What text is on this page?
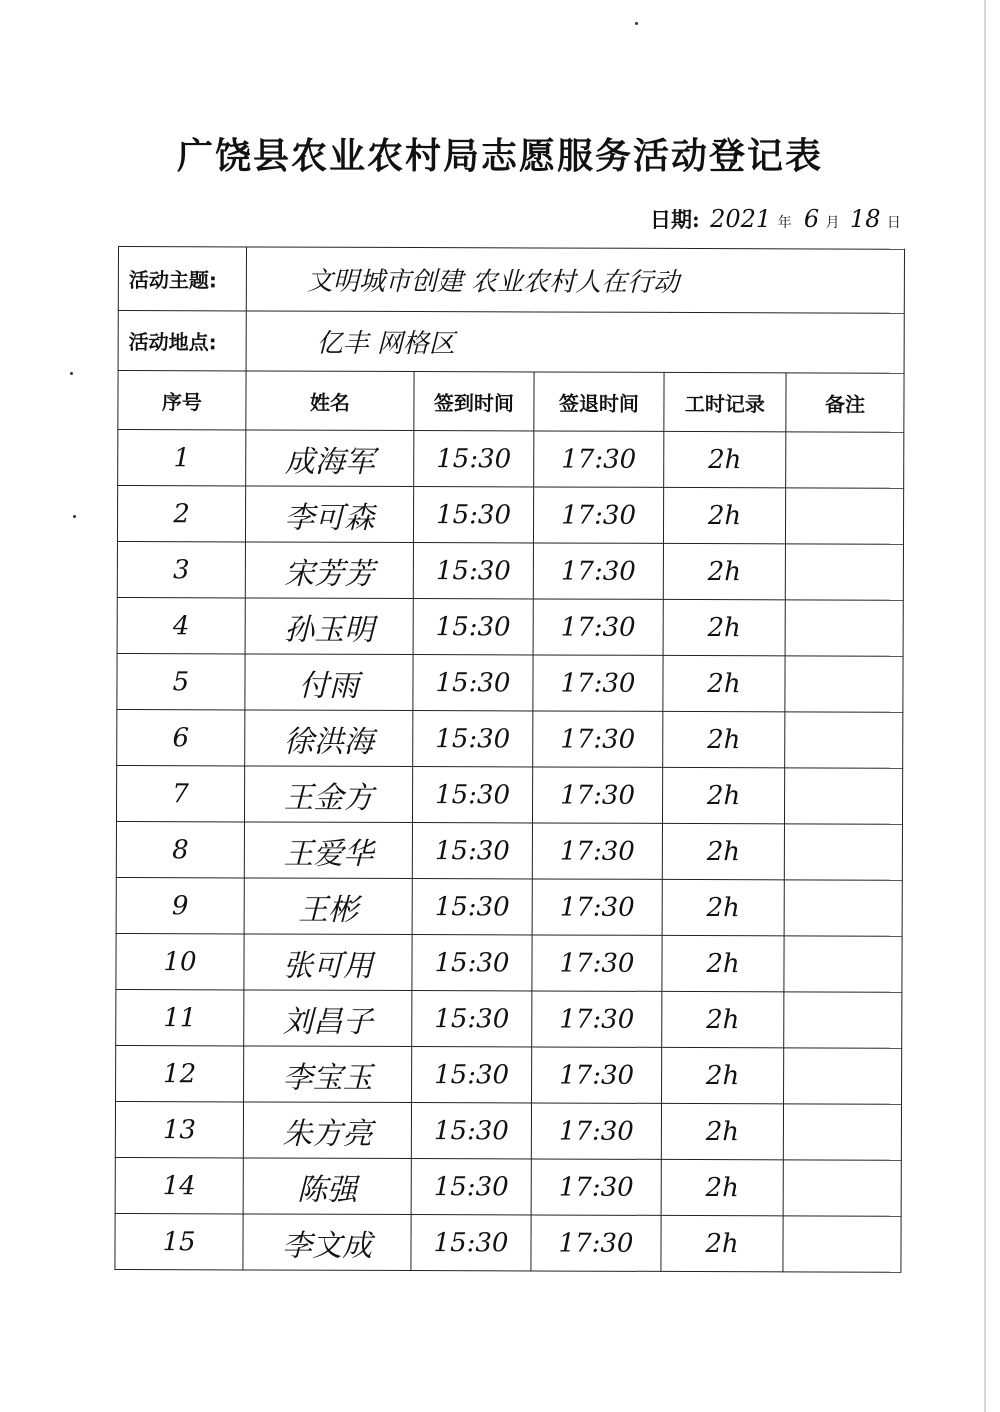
广饶县农业农村局志愿服务活动登记表
日期: 2021 年 6 月 18 日
活动主题:	文明城市创建 农业农村人在行动				
活动地点:	亿丰 网格区				
序号	姓名	签到时间	签退时间	工时记录	备注
1	成海军	15:30	17:30	2h	
2	李可森	15:30	17:30	2h	
3	宋芳芳	15:30	17:30	2h	
4	孙玉明	15:30	17:30	2h	
5	付雨	15:30	17:30	2h	
6	徐洪海	15:30	17:30	2h	
7	王金方	15:30	17:30	2h	
8	王爱华	15:30	17:30	2h	
9	王彬	15:30	17:30	2h	
10	张可用	15:30	17:30	2h	
11	刘昌子	15:30	17:30	2h	
12	李宝玉	15:30	17:30	2h	
13	朱方亮	15:30	17:30	2h	
14	陈强	15:30	17:30	2h	
15	李文成	15:30	17:30	2h	
